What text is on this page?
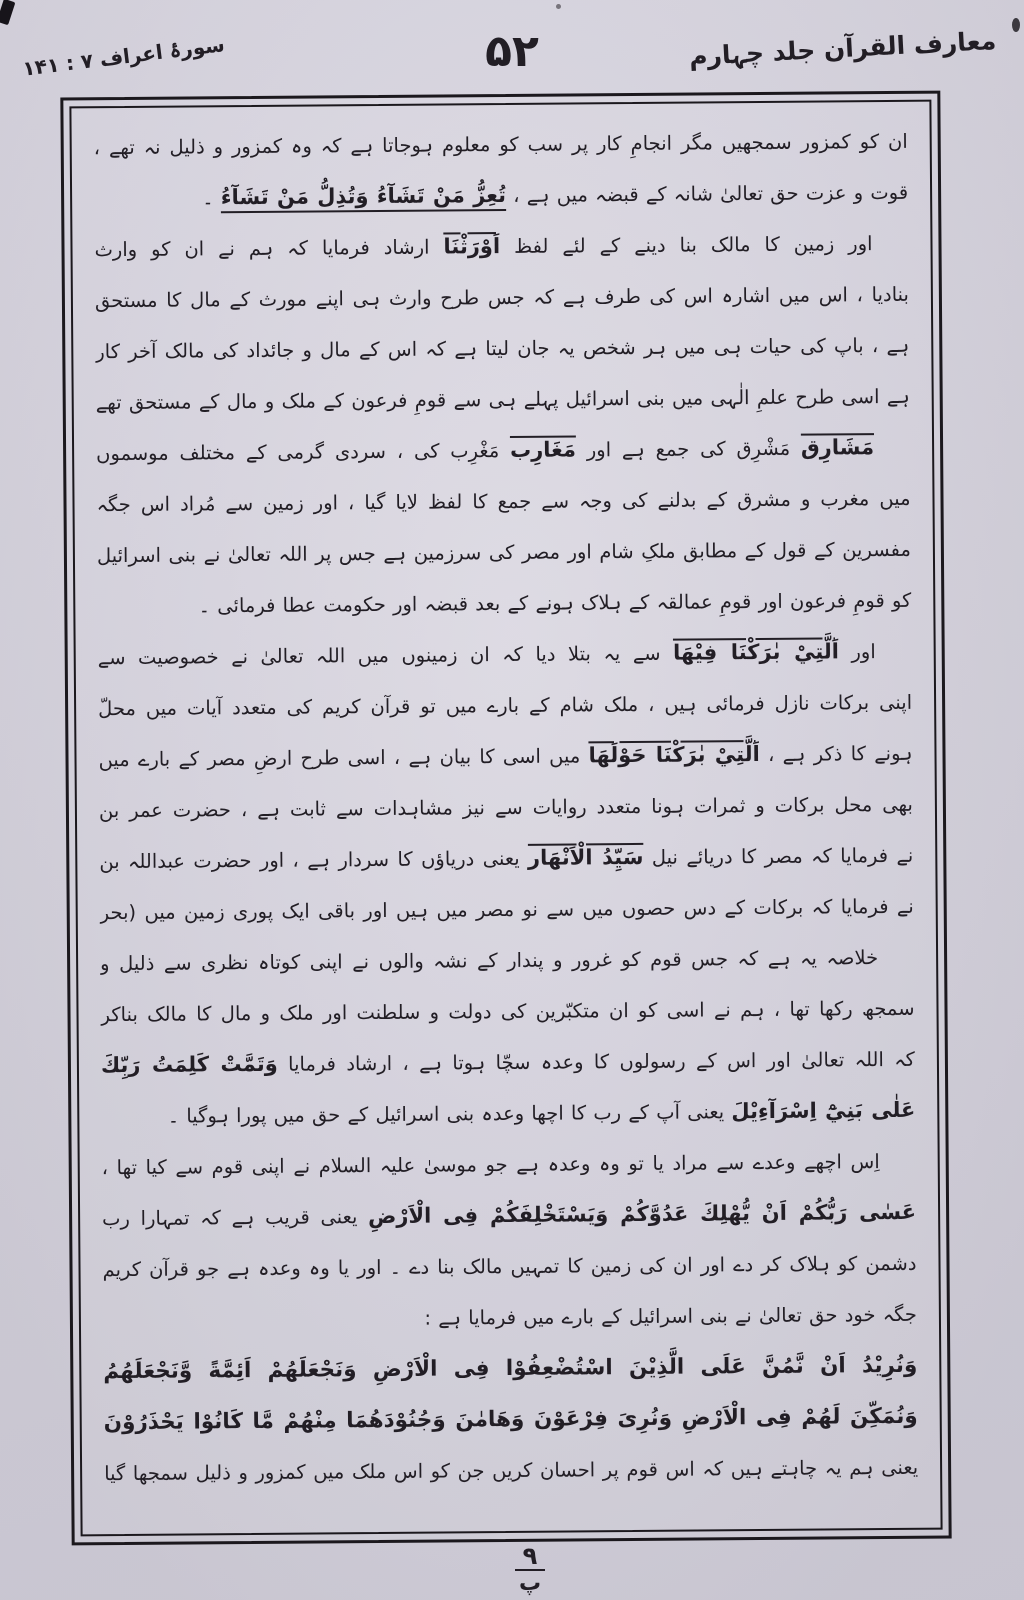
سورۂ اعراف ۷ : ۱۴۱	۵۲	معارف القرآن جلد چہارم
ان کو کمزور سمجھیں مگر انجامِ کار پر سب کو معلوم ہوجاتا ہے کہ وہ کمزور و ذلیل نہ تھے ،
قوت و عزت حق تعالیٰ شانہ کے قبضہ میں ہے ، تُعِزُّ مَنْ تَشَآءُ وَتُذِلُّ مَنْ تَشَآءُ ۔
اور زمین کا مالک بنا دینے کے لئے لفظ اَوْرَثْنَا ارشاد فرمایا کہ ہم نے ان کو وارث
بنادیا ، اس میں اشارہ اس کی طرف ہے کہ جس طرح وارث ہی اپنے مورث کے مال کا مستحق
ہے ، باپ کی حیات ہی میں ہر شخص یہ جان لیتا ہے کہ اس کے مال و جائداد کی مالک آخر کار
ہے اسی طرح علمِ الٰہی میں بنی اسرائیل پہلے ہی سے قومِ فرعون کے ملک و مال کے مستحق تھے
مَشَارِق مَشْرِق کی جمع ہے اور مَغَارِب مَغْرِب کی ، سردی گرمی کے مختلف موسموں
میں مغرب و مشرق کے بدلنے کی وجہ سے جمع کا لفظ لایا گیا ، اور زمین سے مُراد اس جگہ
مفسرین کے قول کے مطابق ملکِ شام اور مصر کی سرزمین ہے جس پر اللہ تعالیٰ نے بنی اسرائیل
کو قومِ فرعون اور قومِ عمالقہ کے ہلاک ہونے کے بعد قبضہ اور حکومت عطا فرمائی ۔
اور اَلَّتِيْ بٰرَكْنَا فِيْهَا سے یہ بتلا دیا کہ ان زمینوں میں اللہ تعالیٰ نے خصوصیت سے
اپنی برکات نازل فرمائی ہیں ، ملک شام کے بارے میں تو قرآن کریم کی متعدد آیات میں محلّ
ہونے کا ذکر ہے ، اَلَّتِيْ بٰرَكْنَا حَوْلَهَا میں اسی کا بیان ہے ، اسی طرح ارضِ مصر کے بارے میں
بھی محل برکات و ثمرات ہونا متعدد روایات سے نیز مشاہدات سے ثابت ہے ، حضرت عمر بن
نے فرمایا کہ مصر کا دریائے نیل سَيِّدُ الْاَنْهَار یعنی دریاؤں کا سردار ہے ، اور حضرت عبداللہ بن
نے فرمایا کہ برکات کے دس حصوں میں سے نو مصر میں ہیں اور باقی ایک پوری زمین میں (بحر
خلاصہ یہ ہے کہ جس قوم کو غرور و پندار کے نشہ والوں نے اپنی کوتاہ نظری سے ذلیل و
سمجھ رکھا تھا ، ہم نے اسی کو ان متکبّرین کی دولت و سلطنت اور ملک و مال کا مالک بناکر
کہ اللہ تعالیٰ اور اس کے رسولوں کا وعدہ سچّا ہوتا ہے ، ارشاد فرمایا وَتَمَّتْ كَلِمَتُ رَبِّكَ
عَلٰى بَنِيْٓ اِسْرَآءِيْلَ یعنی آپ کے رب کا اچھا وعدہ بنی اسرائیل کے حق میں پورا ہوگیا ۔
اِس اچھے وعدے سے مراد یا تو وہ وعدہ ہے جو موسیٰ علیہ السلام نے اپنی قوم سے کیا تھا ،
عَسٰى رَبُّكُمْ اَنْ يُّهْلِكَ عَدُوَّكُمْ وَيَسْتَخْلِفَكُمْ فِى الْاَرْضِ یعنی قریب ہے کہ تمہارا رب
دشمن کو ہلاک کر دے اور ان کی زمین کا تمہیں مالک بنا دے ۔ اور یا وہ وعدہ ہے جو قرآن کریم
جگہ خود حق تعالیٰ نے بنی اسرائیل کے بارے میں فرمایا ہے :
وَنُرِيْدُ اَنْ نَّمُنَّ عَلَى الَّذِيْنَ اسْتُضْعِفُوْا فِى الْاَرْضِ وَنَجْعَلَهُمْ اَئِمَّةً وَّنَجْعَلَهُمُ
وَنُمَكِّنَ لَهُمْ فِى الْاَرْضِ وَنُرِىَ فِرْعَوْنَ وَهَامٰنَ وَجُنُوْدَهُمَا مِنْهُمْ مَّا كَانُوْا يَحْذَرُوْنَ
یعنی ہم یہ چاہتے ہیں کہ اس قوم پر احسان کریں جن کو اس ملک میں کمزور و ذلیل سمجھا گیا
۹
پ
